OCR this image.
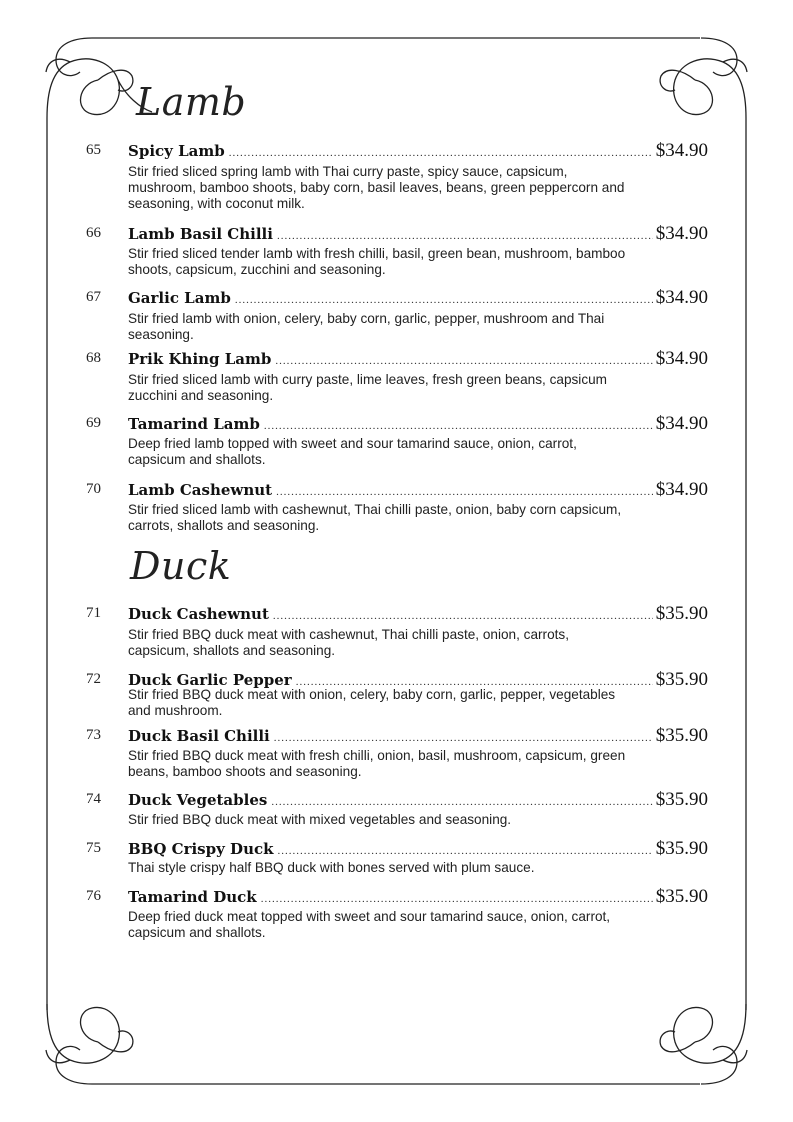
Lamb
65	Spicy Lamb .....	$34.90
Stir fried sliced spring lamb with Thai curry paste, spicy sauce, capsicum, mushroom, bamboo shoots, baby corn, basil leaves, beans, green peppercorn and seasoning, with coconut milk.
66	Lamb Basil Chilli .....	$34.90
Stir fried sliced tender lamb with fresh chilli, basil, green bean, mushroom, bamboo shoots, capsicum, zucchini and seasoning.
67	Garlic Lamb .....	$34.90
Stir fried lamb with onion, celery, baby corn, garlic, pepper, mushroom and Thai seasoning.
68	Prik Khing Lamb .....	$34.90
Stir fried sliced lamb with curry paste, lime leaves, fresh green beans, capsicum zucchini and seasoning.
69	Tamarind Lamb .....	$34.90
Deep fried lamb topped with sweet and sour tamarind sauce, onion, carrot, capsicum and shallots.
70	Lamb Cashewnut .....	$34.90
Stir fried sliced lamb with cashewnut, Thai chilli paste, onion, baby corn capsicum, carrots, shallots and seasoning.
Duck
71	Duck Cashewnut .....	$35.90
Stir fried BBQ duck meat with cashewnut, Thai chilli paste, onion, carrots, capsicum, shallots and seasoning.
72	Duck Garlic Pepper .....	$35.90
Stir fried BBQ duck meat with onion, celery, baby corn, garlic, pepper, vegetables and mushroom.
73	Duck Basil Chilli .....	$35.90
Stir fried BBQ duck meat with fresh chilli, onion, basil, mushroom, capsicum, green beans, bamboo shoots and seasoning.
74	Duck Vegetables .....	$35.90
Stir fried BBQ duck meat with mixed vegetables and seasoning.
75	BBQ Crispy Duck .....	$35.90
Thai style crispy half BBQ duck with bones served with plum sauce.
76	Tamarind Duck .....	$35.90
Deep fried duck meat topped with sweet and sour tamarind sauce, onion, carrot, capsicum and shallots.
